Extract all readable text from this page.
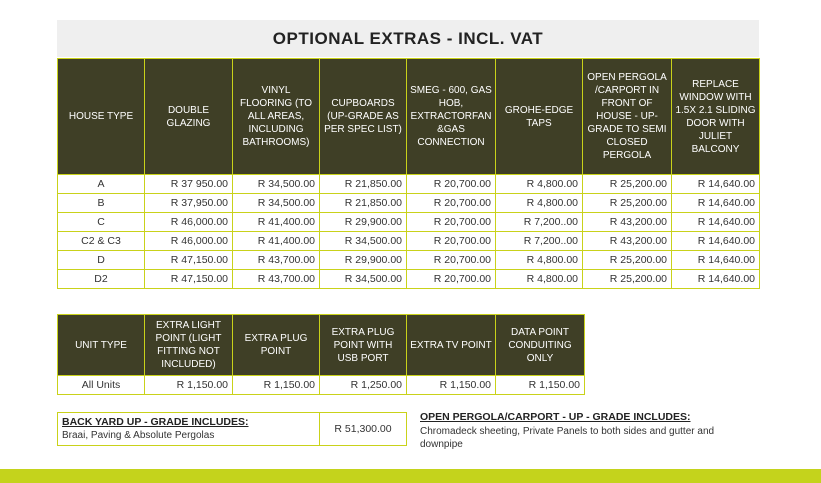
OPTIONAL EXTRAS - INCL. VAT
HOUSE TYPE	DOUBLE GLAZING	VINYL FLOORING (TO ALL AREAS, INCLUDING BATHROOMS)	CUPBOARDS (UP-GRADE AS PER SPEC LIST)	SMEG - 600, GAS HOB, EXTRACTORFAN &GAS CONNECTION	GROHE-EDGE TAPS	OPEN PERGOLA /CARPORT IN FRONT OF HOUSE - UP-GRADE TO SEMI CLOSED PERGOLA	REPLACE WINDOW WITH 1.5X 2.1 SLIDING DOOR WITH JULIET BALCONY
A	R 37 950.00	R 34,500.00	R 21,850.00	R 20,700.00	R 4,800.00	R 25,200.00	R 14,640.00
B	R 37,950.00	R 34,500.00	R 21,850.00	R 20,700.00	R 4,800.00	R 25,200.00	R 14,640.00
C	R 46,000.00	R 41,400.00	R 29,900.00	R 20,700.00	R 7,200..00	R 43,200.00	R 14,640.00
C2 & C3	R 46,000.00	R 41,400.00	R 34,500.00	R 20,700.00	R 7,200..00	R 43,200.00	R 14,640.00
D	R 47,150.00	R 43,700.00	R 29,900.00	R 20,700.00	R 4,800.00	R 25,200.00	R 14,640.00
D2	R 47,150.00	R 43,700.00	R 34,500.00	R 20,700.00	R 4,800.00	R 25,200.00	R 14,640.00
UNIT TYPE	EXTRA LIGHT POINT (LIGHT FITTING NOT INCLUDED)	EXTRA PLUG POINT	EXTRA PLUG POINT WITH USB PORT	EXTRA TV POINT	DATA POINT CONDUITING ONLY
All Units	R 1,150.00	R 1,150.00	R 1,250.00	R 1,150.00	R 1,150.00
BACK YARD UP - GRADE INCLUDES:
Braai, Paving & Absolute Pergolas
R 51,300.00
OPEN PERGOLA/CARPORT - UP - GRADE INCLUDES:
Chromadeck sheeting, Private Panels to both sides and gutter and downpipe
